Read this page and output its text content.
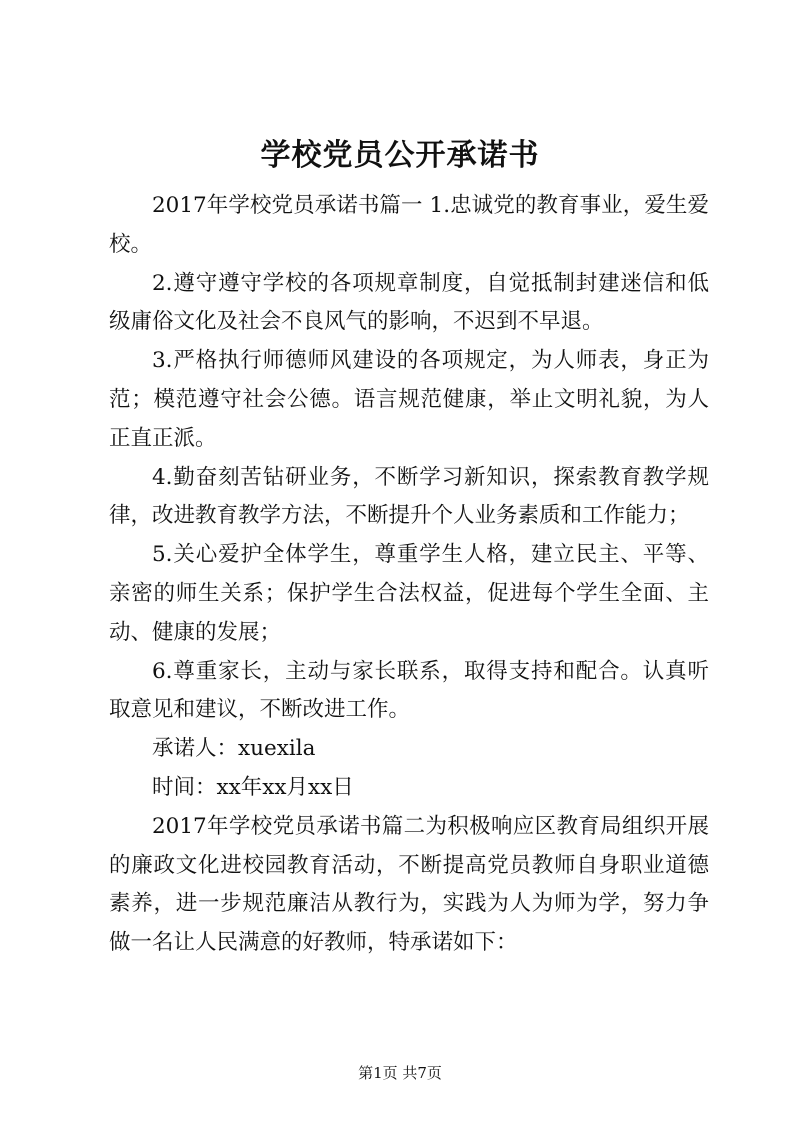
学校党员公开承诺书

2017年学校党员承诺书篇一 1.忠诚党的教育事业，爱生爱校。

2.遵守遵守学校的各项规章制度，自觉抵制封建迷信和低级庸俗文化及社会不良风气的影响，不迟到不早退。

3.严格执行师德师风建设的各项规定，为人师表，身正为范；模范遵守社会公德。语言规范健康，举止文明礼貌，为人正直正派。

4.勤奋刻苦钻研业务，不断学习新知识，探索教育教学规律，改进教育教学方法，不断提升个人业务素质和工作能力；

5.关心爱护全体学生，尊重学生人格，建立民主、平等、亲密的师生关系；保护学生合法权益，促进每个学生全面、主动、健康的发展；

6.尊重家长，主动与家长联系，取得支持和配合。认真听取意见和建议，不断改进工作。

承诺人：xuexila

时间：xx年xx月xx日

2017年学校党员承诺书篇二为积极响应区教育局组织开展的廉政文化进校园教育活动，不断提高党员教师自身职业道德素养，进一步规范廉洁从教行为，实践为人为师为学，努力争做一名让人民满意的好教师，特承诺如下：

第1页 共7页
